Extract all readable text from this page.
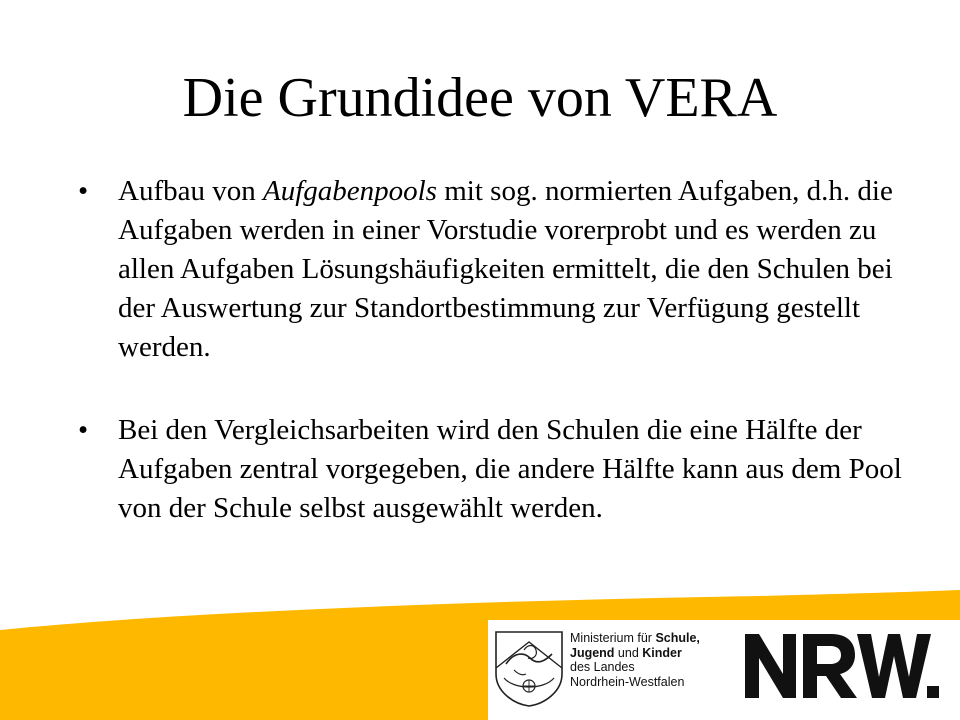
Ministerium für Schule,
Jugend und Kinder
des Landes
Nordrhein-Westfalen
Die Grundidee von VERA
• Aufbau von Aufgabenpools mit sog. normierten Aufgaben, d.h. die Aufgaben werden in einer Vorstudie vorerprobt und es werden zu allen Aufgaben Lösungshäufigkeiten ermittelt, die den Schulen bei der Auswertung zur Standortbestimmung zur Verfügung gestellt werden.
• Bei den Vergleichsarbeiten wird den Schulen die eine Hälfte der Aufgaben zentral vorgegeben, die andere Hälfte kann aus dem Pool von der Schule selbst ausgewählt werden.
